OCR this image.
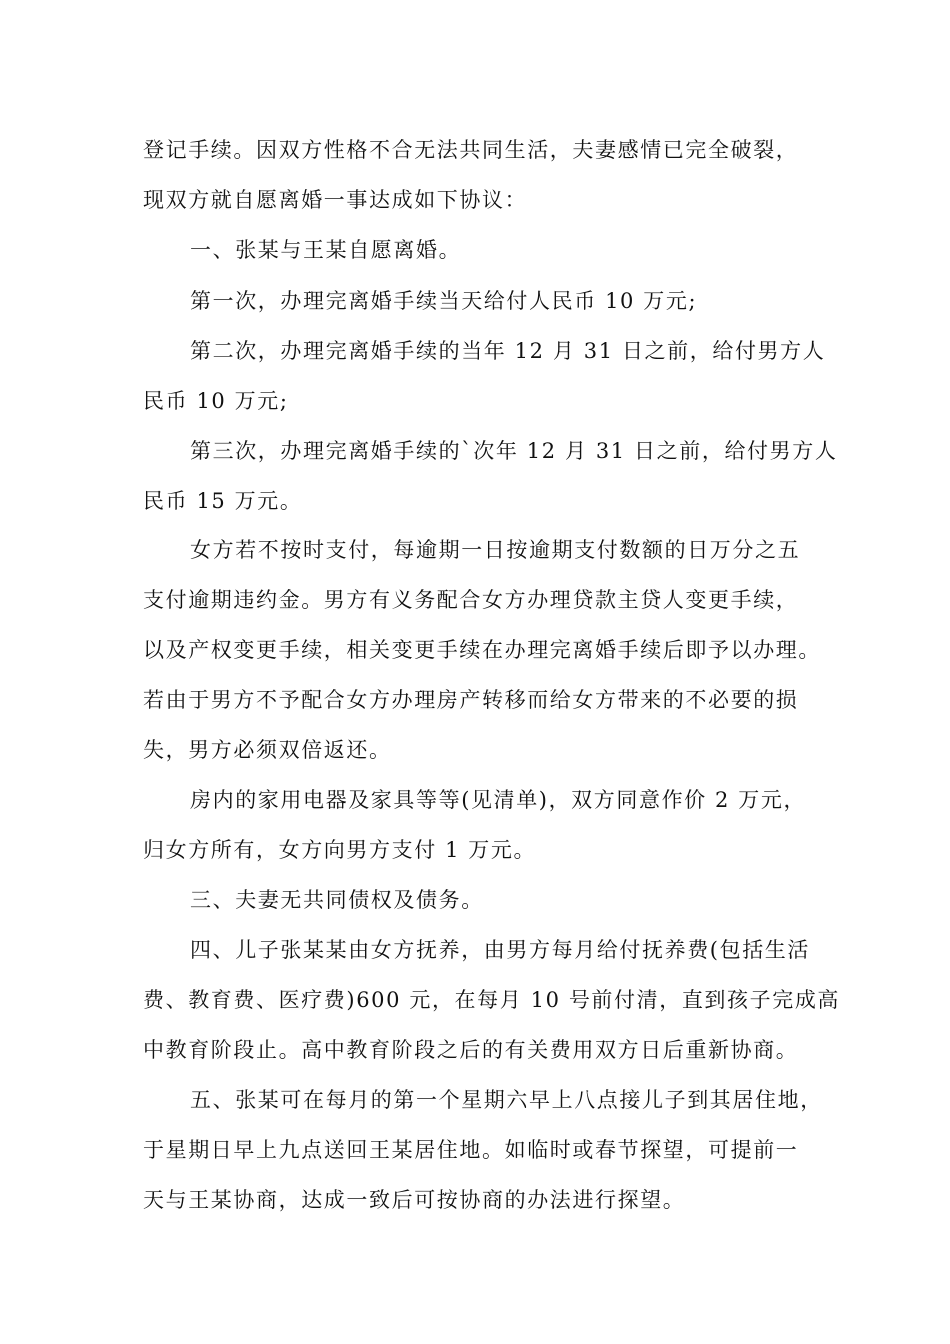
登记手续。因双方性格不合无法共同生活，夫妻感情已完全破裂，
现双方就自愿离婚一事达成如下协议：
一、张某与王某自愿离婚。
第一次，办理完离婚手续当天给付人民币 10 万元;
第二次，办理完离婚手续的当年 12 月 31 日之前，给付男方人
民币 10 万元;
第三次，办理完离婚手续的`次年 12 月 31 日之前，给付男方人
民币 15 万元。
女方若不按时支付，每逾期一日按逾期支付数额的日万分之五
支付逾期违约金。男方有义务配合女方办理贷款主贷人变更手续，
以及产权变更手续，相关变更手续在办理完离婚手续后即予以办理。
若由于男方不予配合女方办理房产转移而给女方带来的不必要的损
失，男方必须双倍返还。
房内的家用电器及家具等等(见清单)，双方同意作价 2 万元，
归女方所有，女方向男方支付 1 万元。
三、夫妻无共同债权及债务。
四、儿子张某某由女方抚养，由男方每月给付抚养费(包括生活
费、教育费、医疗费)600 元，在每月 10 号前付清，直到孩子完成高
中教育阶段止。高中教育阶段之后的有关费用双方日后重新协商。
五、张某可在每月的第一个星期六早上八点接儿子到其居住地，
于星期日早上九点送回王某居住地。如临时或春节探望，可提前一
天与王某协商，达成一致后可按协商的办法进行探望。
